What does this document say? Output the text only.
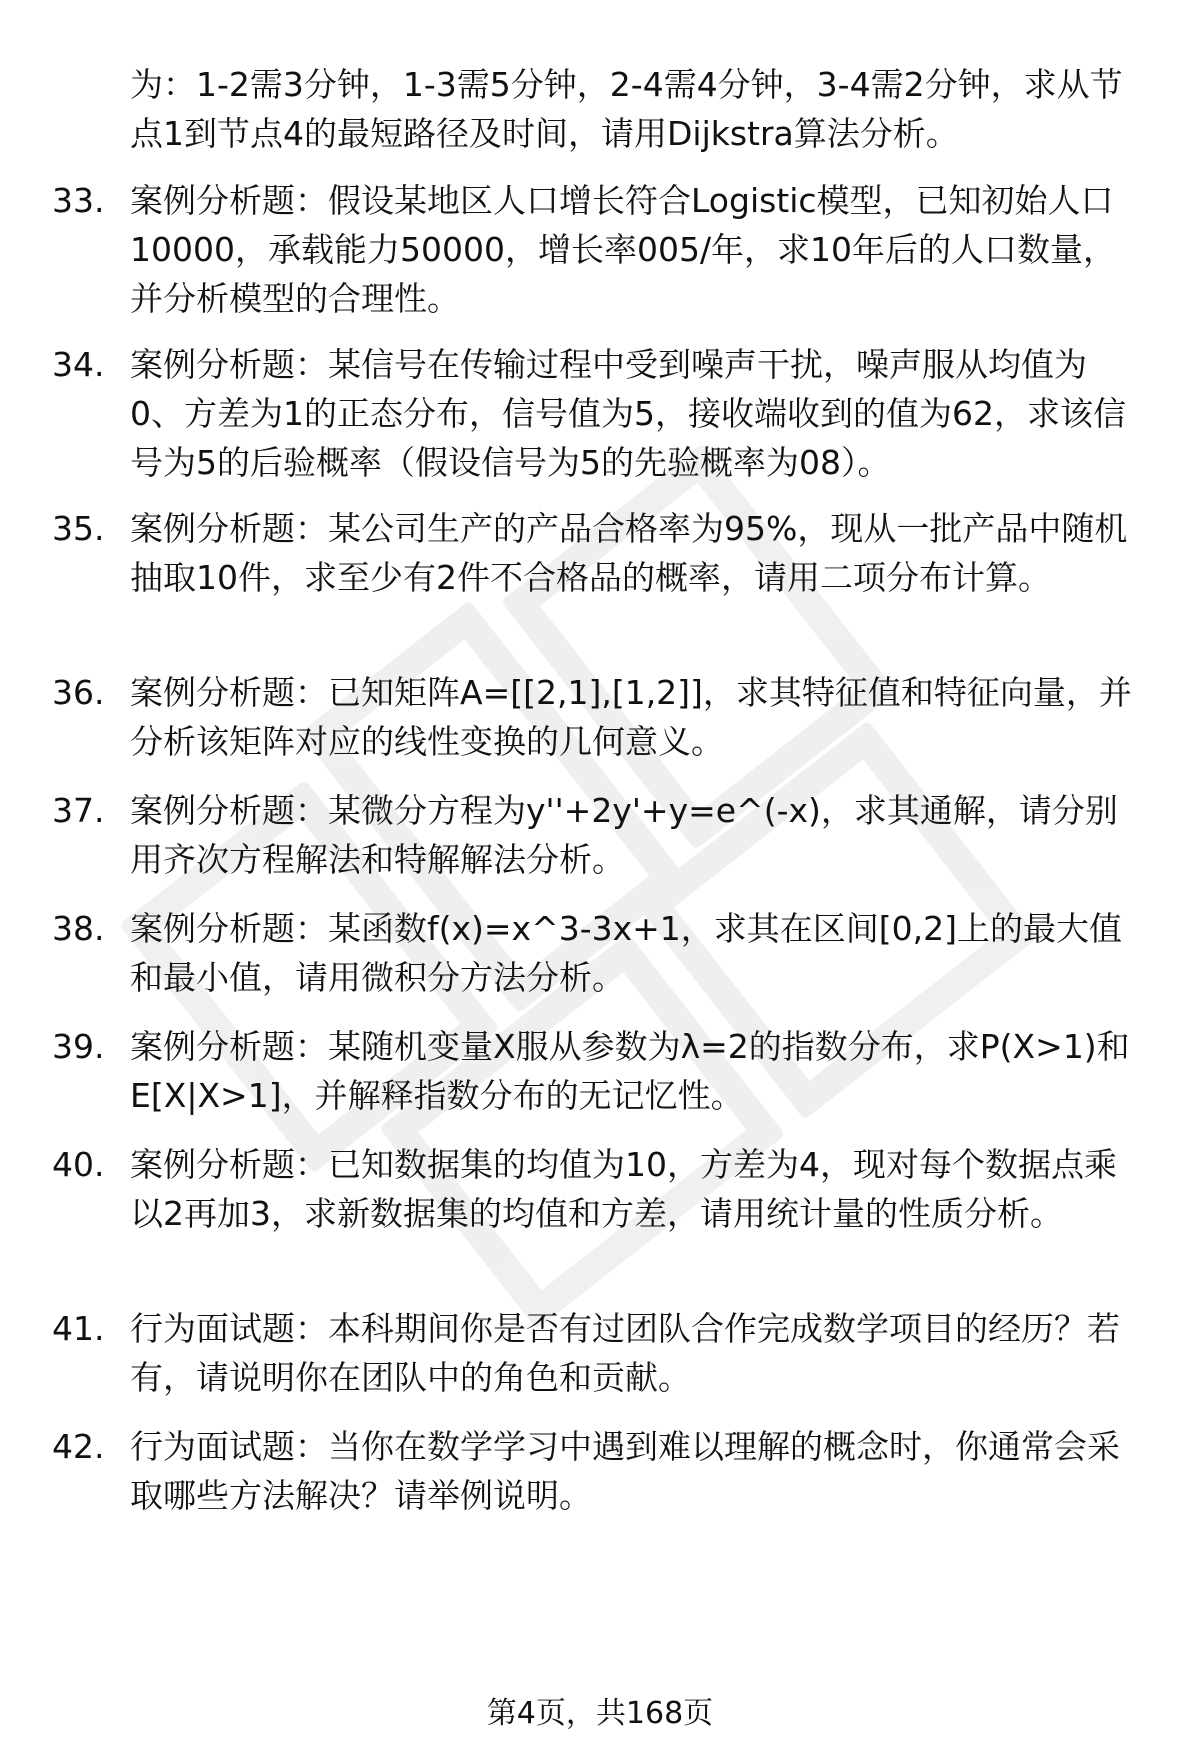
为：1-2需3分钟，1-3需5分钟，2-4需4分钟，3-4需2分钟，求从节点1到节点4的最短路径及时间，请用Dijkstra算法分析。
33. 案例分析题：假设某地区人口增长符合Logistic模型，已知初始人口10000，承载能力50000，增长率005/年，求10年后的人口数量，并分析模型的合理性。
34. 案例分析题：某信号在传输过程中受到噪声干扰，噪声服从均值为0、方差为1的正态分布，信号值为5，接收端收到的值为62，求该信号为5的后验概率（假设信号为5的先验概率为08）。
35. 案例分析题：某公司生产的产品合格率为95%，现从一批产品中随机抽取10件，求至少有2件不合格品的概率，请用二项分布计算。
36. 案例分析题：已知矩阵A=[[2,1],[1,2]]，求其特征值和特征向量，并分析该矩阵对应的线性变换的几何意义。
37. 案例分析题：某微分方程为y''+2y'+y=e^(-x)，求其通解，请分别用齐次方程解法和特解解法分析。
38. 案例分析题：某函数f(x)=x^3-3x+1，求其在区间[0,2]上的最大值和最小值，请用微积分方法分析。
39. 案例分析题：某随机变量X服从参数为λ=2的指数分布，求P(X>1)和E[X|X>1]，并解释指数分布的无记忆性。
40. 案例分析题：已知数据集的均值为10，方差为4，现对每个数据点乘以2再加3，求新数据集的均值和方差，请用统计量的性质分析。
41. 行为面试题：本科期间你是否有过团队合作完成数学项目的经历？若有，请说明你在团队中的角色和贡献。
42. 行为面试题：当你在数学学习中遇到难以理解的概念时，你通常会采取哪些方法解决？请举例说明。
第4页，共168页
